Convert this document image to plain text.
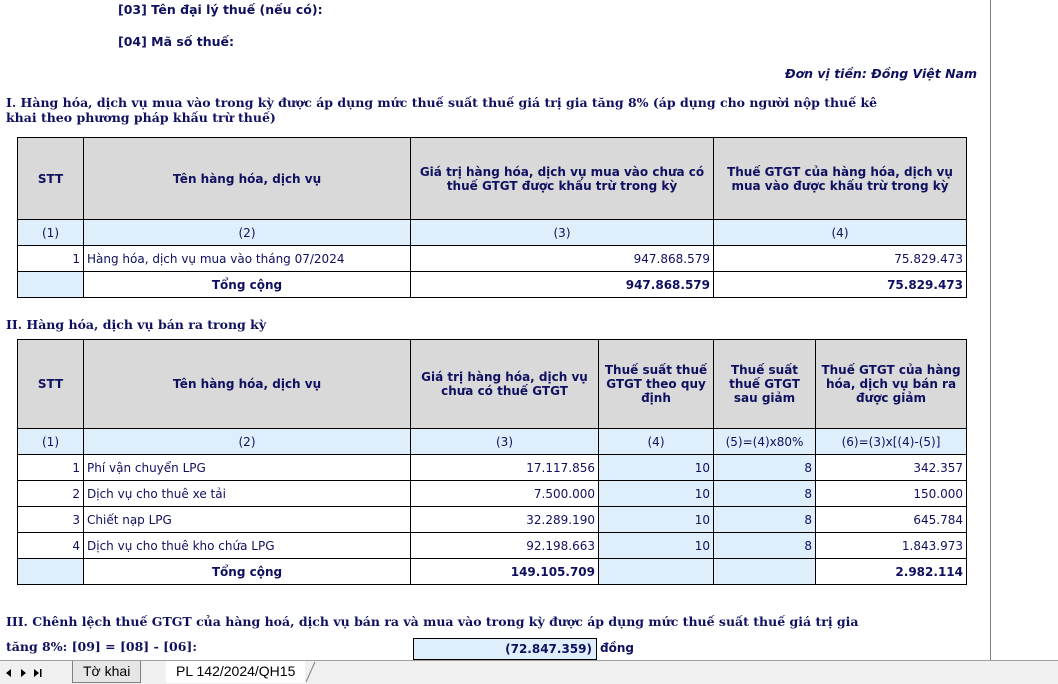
[03] Tên đại lý thuế (nếu có):
[04] Mã số thuế:
Đơn vị tiền: Đồng Việt Nam
I. Hàng hóa, dịch vụ mua vào trong kỳ được áp dụng mức thuế suất thuế giá trị gia tăng 8% (áp dụng cho người nộp thuế kê
khai theo phương pháp khấu trừ thuế)
STT	Tên hàng hóa, dịch vụ	Giá trị hàng hóa, dịch vụ mua vào chưa có thuế GTGT được khấu trừ trong kỳ	Thuế GTGT của hàng hóa, dịch vụ mua vào được khấu trừ trong kỳ
(1)	(2)	(3)	(4)
1	Hàng hóa, dịch vụ mua vào tháng 07/2024	947.868.579	75.829.473
	Tổng cộng	947.868.579	75.829.473
II. Hàng hóa, dịch vụ bán ra trong kỳ
STT	Tên hàng hóa, dịch vụ	Giá trị hàng hóa, dịch vụ chưa có thuế GTGT	Thuế suất thuế GTGT theo quy định	Thuế suất thuế GTGT sau giảm	Thuế GTGT của hàng hóa, dịch vụ bán ra được giảm
(1)	(2)	(3)	(4)	(5)=(4)x80%	(6)=(3)x[(4)-(5)]
1	Phí vận chuyển LPG	17.117.856	10	8	342.357
2	Dịch vụ cho thuê xe tải	7.500.000	10	8	150.000
3	Chiết nạp LPG	32.289.190	10	8	645.784
4	Dịch vụ cho thuê kho chứa LPG	92.198.663	10	8	1.843.973
	Tổng cộng	149.105.709			2.982.114
III. Chênh lệch thuế GTGT của hàng hoá, dịch vụ bán ra và mua vào trong kỳ được áp dụng mức thuế suất thuế giá trị gia
tăng 8%: [09] = [08] - [06]:	(72.847.359) đồng
Tờ khai	PL 142/2024/QH15
